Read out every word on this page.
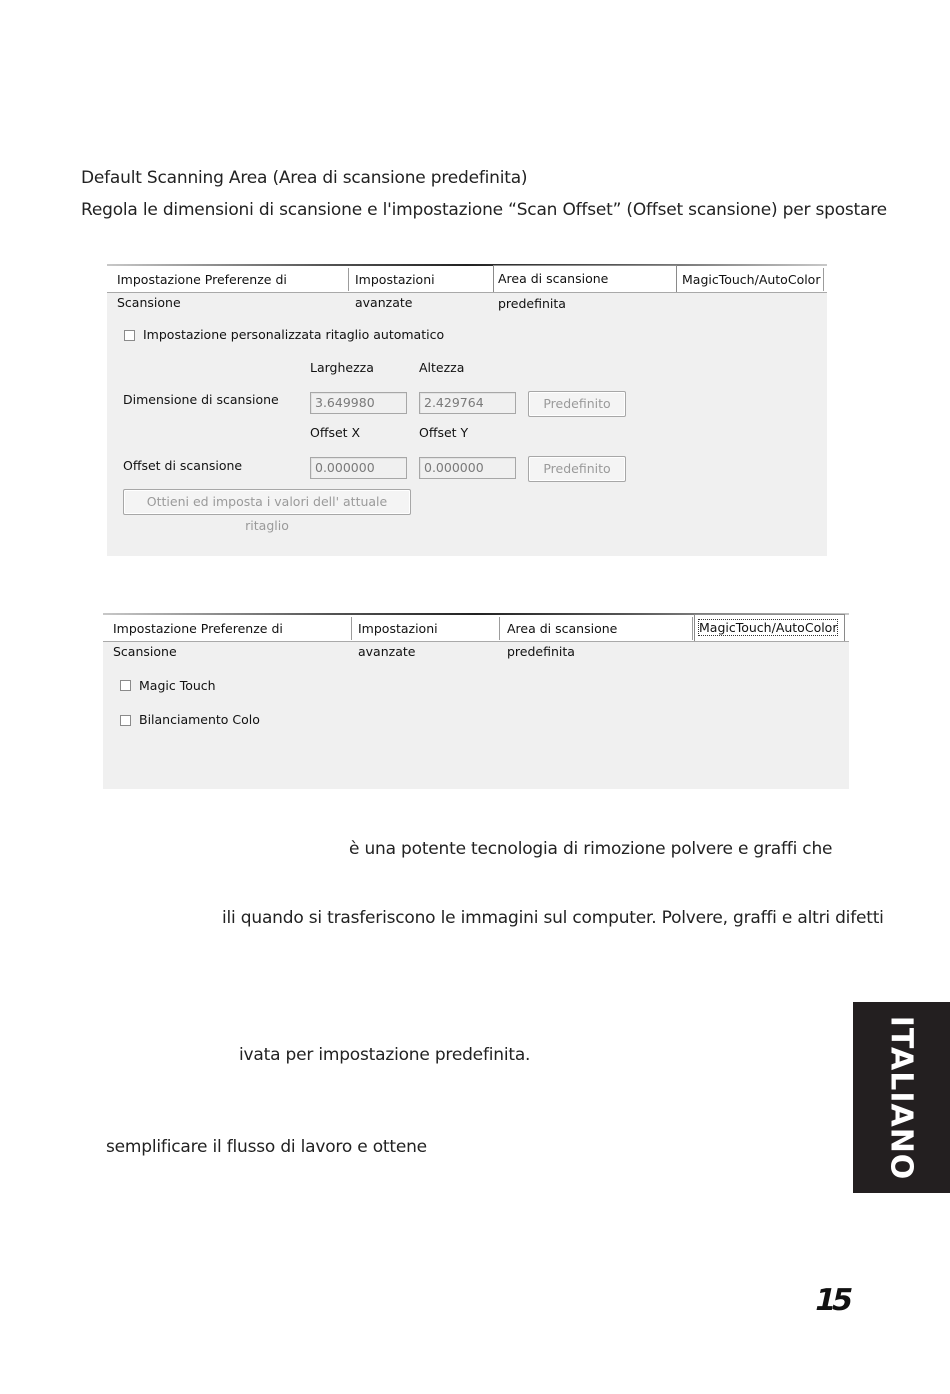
Default Scanning Area (Area di scansione predefinita)
Regola le dimensioni di scansione e l'impostazione “Scan Offset” (Offset scansione) per spostare
Impostazione Preferenze di Scansione
Impostazioni avanzate
Area di scansione predefinita
MagicTouch/AutoColor
Impostazione personalizzata ritaglio automatico
Larghezza	Altezza
Dimensione di scansione	3.649980	2.429764	Predefinito
Offset X	Offset Y
Offset di scansione	0.000000	0.000000	Predefinito
Ottieni ed imposta i valori dell' attuale ritaglio
Impostazione Preferenze di Scansione
Impostazioni avanzate
Area di scansione predefinita
MagicTouch/AutoColor
Magic Touch
Bilanciamento Colo
è una potente tecnologia di rimozione polvere e graffi che
ili quando si trasferiscono le immagini sul computer. Polvere, graffi e altri difetti
ivata per impostazione predefinita.
semplificare il flusso di lavoro e ottene	ITALIANO
15
